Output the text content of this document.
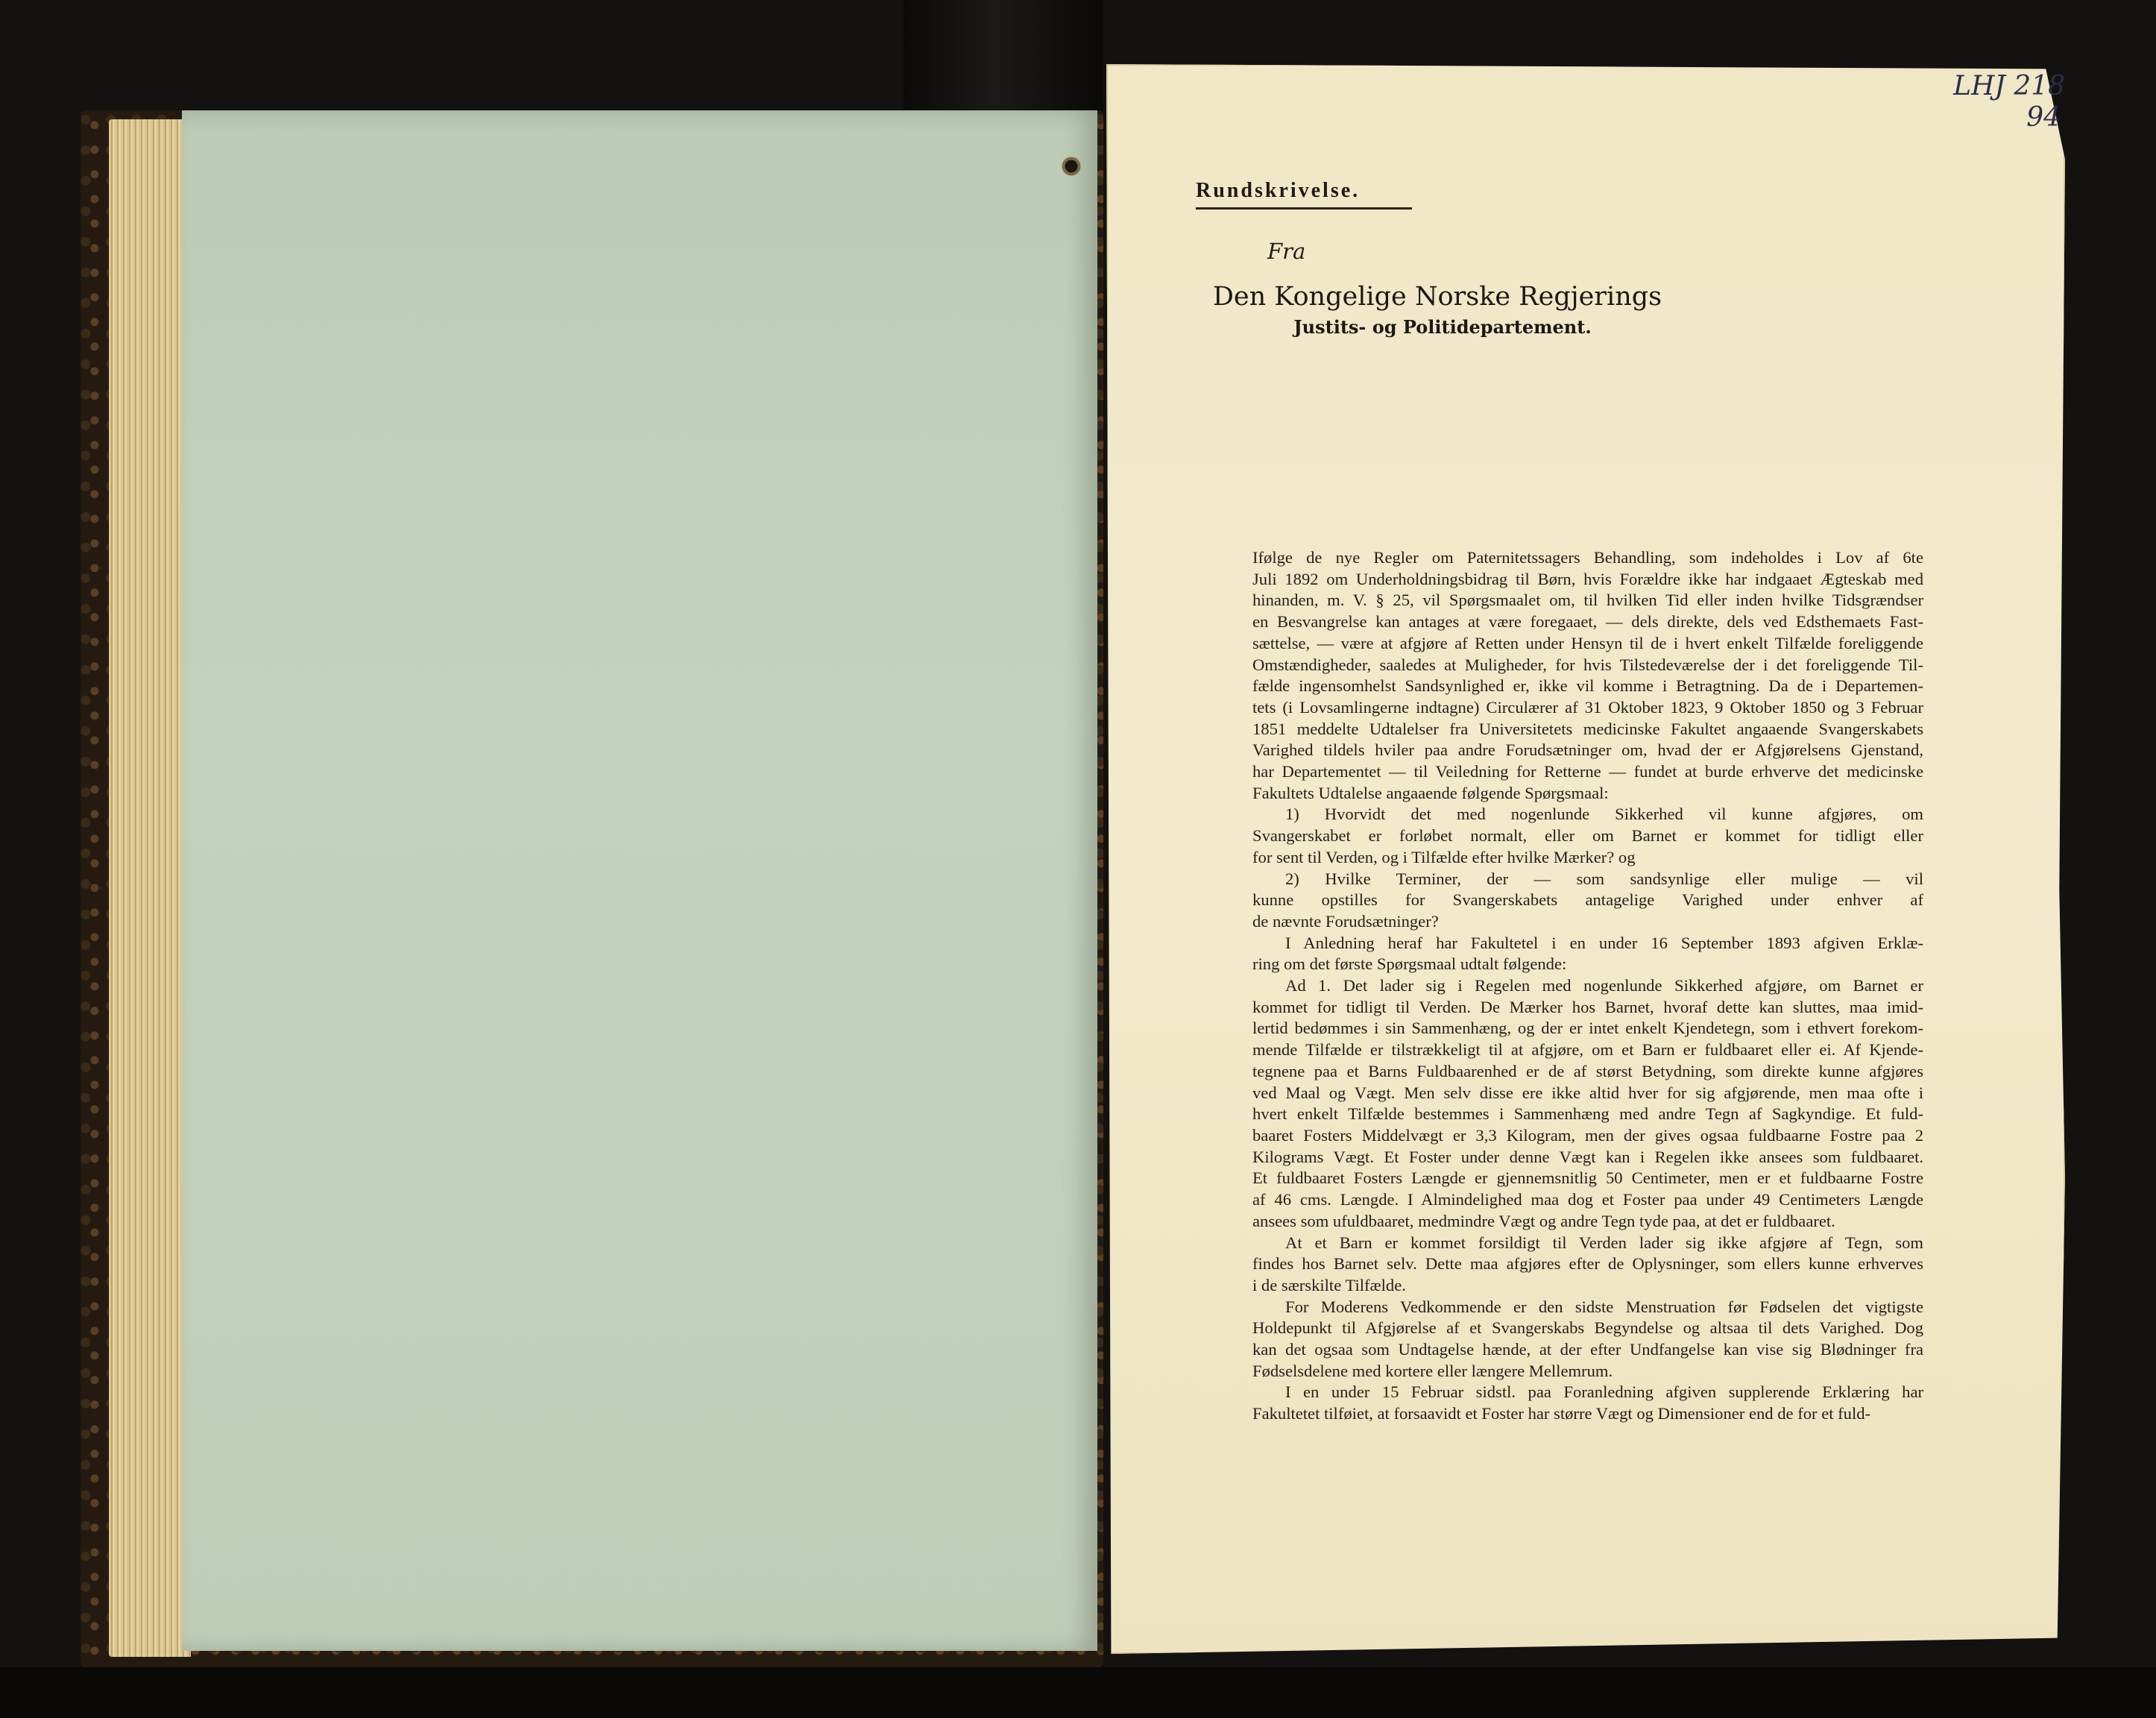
LHJ 218
94
Rundskrivelse.
Fra
Den Kongelige Norske Regjerings
Justits- og Politidepartement.
Ifølge de nye Regler om Paternitetssagers Behandling, som indeholdes i Lov af 6te
Juli 1892 om Underholdningsbidrag til Børn, hvis Forældre ikke har indgaaet Ægteskab med
hinanden, m. V. § 25, vil Spørgsmaalet om, til hvilken Tid eller inden hvilke Tidsgrændser
en Besvangrelse kan antages at være foregaaet, — dels direkte, dels ved Edsthemaets Fast-
sættelse, — være at afgjøre af Retten under Hensyn til de i hvert enkelt Tilfælde foreliggende
Omstændigheder, saaledes at Muligheder, for hvis Tilstedeværelse der i det foreliggende Til-
fælde ingensomhelst Sandsynlighed er, ikke vil komme i Betragtning. Da de i Departemen-
tets (i Lovsamlingerne indtagne) Circulærer af 31 Oktober 1823, 9 Oktober 1850 og 3 Februar
1851 meddelte Udtalelser fra Universitetets medicinske Fakultet angaaende Svangerskabets
Varighed tildels hviler paa andre Forudsætninger om, hvad der er Afgjørelsens Gjenstand,
har Departementet — til Veiledning for Retterne — fundet at burde erhverve det medicinske
Fakultets Udtalelse angaaende følgende Spørgsmaal:
1) Hvorvidt det med nogenlunde Sikkerhed vil kunne afgjøres, om
Svangerskabet er forløbet normalt, eller om Barnet er kommet for tidligt eller
for sent til Verden, og i Tilfælde efter hvilke Mærker? og
2) Hvilke Terminer, der — som sandsynlige eller mulige — vil
kunne opstilles for Svangerskabets antagelige Varighed under enhver af
de nævnte Forudsætninger?
I Anledning heraf har Fakultetel i en under 16 September 1893 afgiven Erklæ-
ring om det første Spørgsmaal udtalt følgende:
Ad 1. Det lader sig i Regelen med nogenlunde Sikkerhed afgjøre, om Barnet er
kommet for tidligt til Verden. De Mærker hos Barnet, hvoraf dette kan sluttes, maa imid-
lertid bedømmes i sin Sammenhæng, og der er intet enkelt Kjendetegn, som i ethvert forekom-
mende Tilfælde er tilstrækkeligt til at afgjøre, om et Barn er fuldbaaret eller ei. Af Kjende-
tegnene paa et Barns Fuldbaarenhed er de af størst Betydning, som direkte kunne afgjøres
ved Maal og Vægt. Men selv disse ere ikke altid hver for sig afgjørende, men maa ofte i
hvert enkelt Tilfælde bestemmes i Sammenhæng med andre Tegn af Sagkyndige. Et fuld-
baaret Fosters Middelvægt er 3,3 Kilogram, men der gives ogsaa fuldbaarne Fostre paa 2
Kilograms Vægt. Et Foster under denne Vægt kan i Regelen ikke ansees som fuldbaaret.
Et fuldbaaret Fosters Længde er gjennemsnitlig 50 Centimeter, men er et fuldbaarne Fostre
af 46 cms. Længde. I Almindelighed maa dog et Foster paa under 49 Centimeters Længde
ansees som ufuldbaaret, medmindre Vægt og andre Tegn tyde paa, at det er fuldbaaret.
At et Barn er kommet forsildigt til Verden lader sig ikke afgjøre af Tegn, som
findes hos Barnet selv. Dette maa afgjøres efter de Oplysninger, som ellers kunne erhverves
i de særskilte Tilfælde.
For Moderens Vedkommende er den sidste Menstruation før Fødselen det vigtigste
Holdepunkt til Afgjørelse af et Svangerskabs Begyndelse og altsaa til dets Varighed. Dog
kan det ogsaa som Undtagelse hænde, at der efter Undfangelse kan vise sig Blødninger fra
Fødselsdelene med kortere eller længere Mellemrum.
I en under 15 Februar sidstl. paa Foranledning afgiven supplerende Erklæring har
Fakultetet tilføiet, at forsaavidt et Foster har større Vægt og Dimensioner end de for et fuld-
